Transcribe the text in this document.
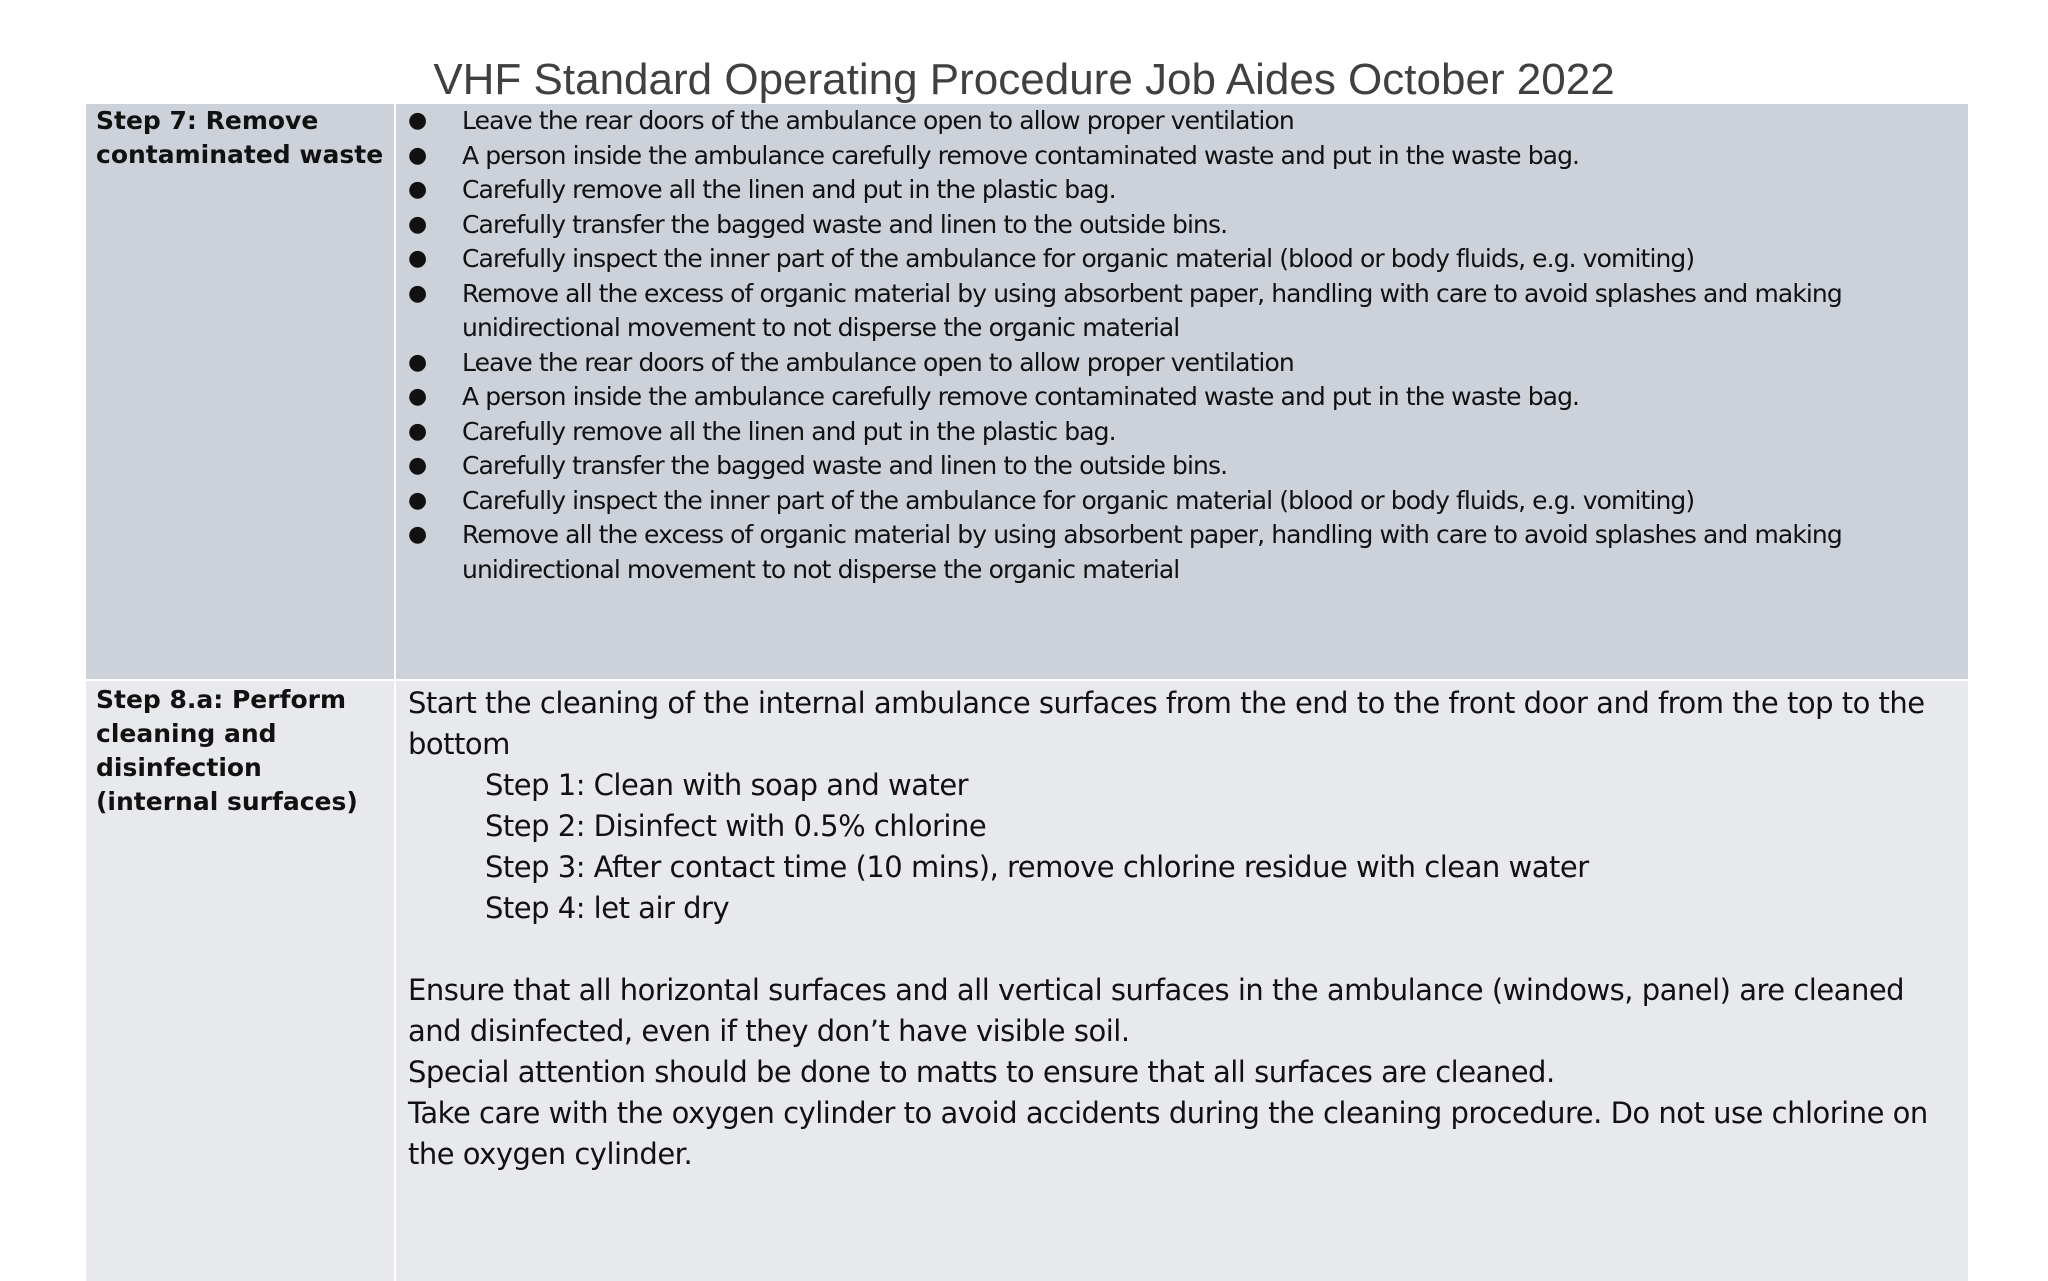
VHF Standard Operating Procedure Job Aides October 2022
Step 7: Remove contaminated waste
● Leave the rear doors of the ambulance open to allow proper ventilation
● A person inside the ambulance carefully remove contaminated waste and put in the waste bag.
● Carefully remove all the linen and put in the plastic bag.
● Carefully transfer the bagged waste and linen to the outside bins.
● Carefully inspect the inner part of the ambulance for organic material (blood or body fluids, e.g. vomiting)
● Remove all the excess of organic material by using absorbent paper, handling with care to avoid splashes and making unidirectional movement to not disperse the organic material
● Leave the rear doors of the ambulance open to allow proper ventilation
● A person inside the ambulance carefully remove contaminated waste and put in the waste bag.
● Carefully remove all the linen and put in the plastic bag.
● Carefully transfer the bagged waste and linen to the outside bins.
● Carefully inspect the inner part of the ambulance for organic material (blood or body fluids, e.g. vomiting)
● Remove all the excess of organic material by using absorbent paper, handling with care to avoid splashes and making unidirectional movement to not disperse the organic material
Step 8.a: Perform cleaning and disinfection (internal surfaces)

Start the cleaning of the internal ambulance surfaces from the end to the front door and from the top to the bottom

Step 1: Clean with soap and water

Step 2: Disinfect with 0.5% chlorine

Step 3: After contact time (10 mins), remove chlorine residue with clean water

Step 4: let air dry

Ensure that all horizontal surfaces and all vertical surfaces in the ambulance (windows, panel) are cleaned and disinfected, even if they don’t have visible soil.

Special attention should be done to matts to ensure that all surfaces are cleaned.

Take care with the oxygen cylinder to avoid accidents during the cleaning procedure. Do not use chlorine on the oxygen cylinder.
